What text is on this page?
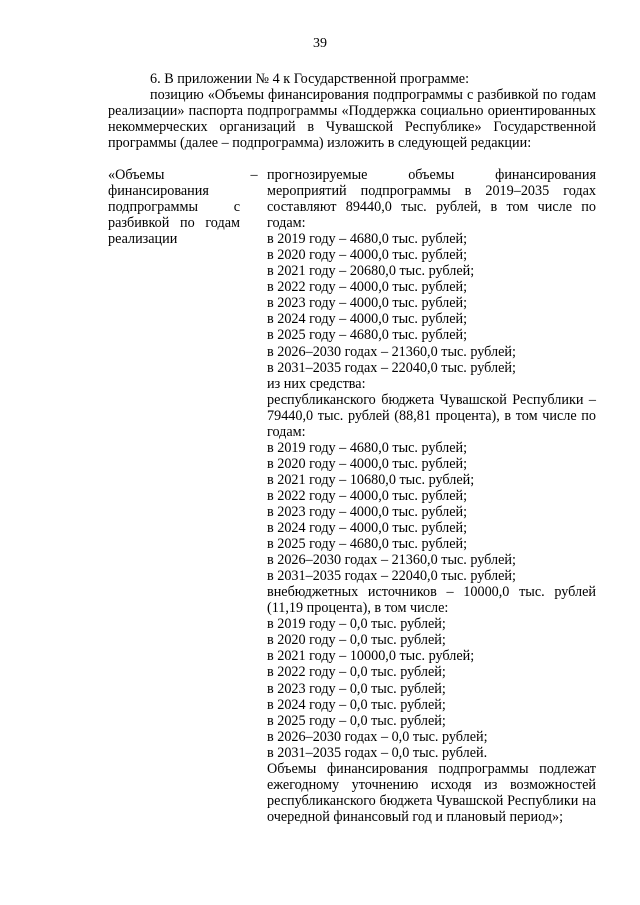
39

6. В приложении № 4 к Государственной программе:

позицию «Объемы финансирования подпрограммы с разбивкой по годам реализации» паспорта подпрограммы «Поддержка социально ориентированных некоммерческих организаций в Чувашской Республике» Государственной программы (далее – подпрограмма) изложить в следующей редакции:

«Объемы финансирования подпрограммы с разбивкой по годам реализации
– прогнозируемые объемы финансирования мероприятий подпрограммы в 2019–2035 годах составляют 89440,0 тыс. рублей, в том числе по годам:

в 2019 году – 4680,0 тыс. рублей;

в 2020 году – 4000,0 тыс. рублей;

в 2021 году – 20680,0 тыс. рублей;

в 2022 году – 4000,0 тыс. рублей;

в 2023 году – 4000,0 тыс. рублей;

в 2024 году – 4000,0 тыс. рублей;

в 2025 году – 4680,0 тыс. рублей;

в 2026–2030 годах – 21360,0 тыс. рублей;

в 2031–2035 годах – 22040,0 тыс. рублей;

из них средства:

республиканского бюджета Чувашской Республики – 79440,0 тыс. рублей (88,81 процента), в том числе по годам:

в 2019 году – 4680,0 тыс. рублей;

в 2020 году – 4000,0 тыс. рублей;

в 2021 году – 10680,0 тыс. рублей;

в 2022 году – 4000,0 тыс. рублей;

в 2023 году – 4000,0 тыс. рублей;

в 2024 году – 4000,0 тыс. рублей;

в 2025 году – 4680,0 тыс. рублей;

в 2026–2030 годах – 21360,0 тыс. рублей;

в 2031–2035 годах – 22040,0 тыс. рублей;

внебюджетных источников – 10000,0 тыс. рублей (11,19 процента), в том числе:

в 2019 году – 0,0 тыс. рублей;

в 2020 году – 0,0 тыс. рублей;

в 2021 году – 10000,0 тыс. рублей;

в 2022 году – 0,0 тыс. рублей;

в 2023 году – 0,0 тыс. рублей;

в 2024 году – 0,0 тыс. рублей;

в 2025 году – 0,0 тыс. рублей;

в 2026–2030 годах – 0,0 тыс. рублей;

в 2031–2035 годах – 0,0 тыс. рублей.

Объемы финансирования подпрограммы подлежат ежегодному уточнению исходя из возможностей республиканского бюджета Чувашской Республики на очередной финансовый год и плановый период»;
